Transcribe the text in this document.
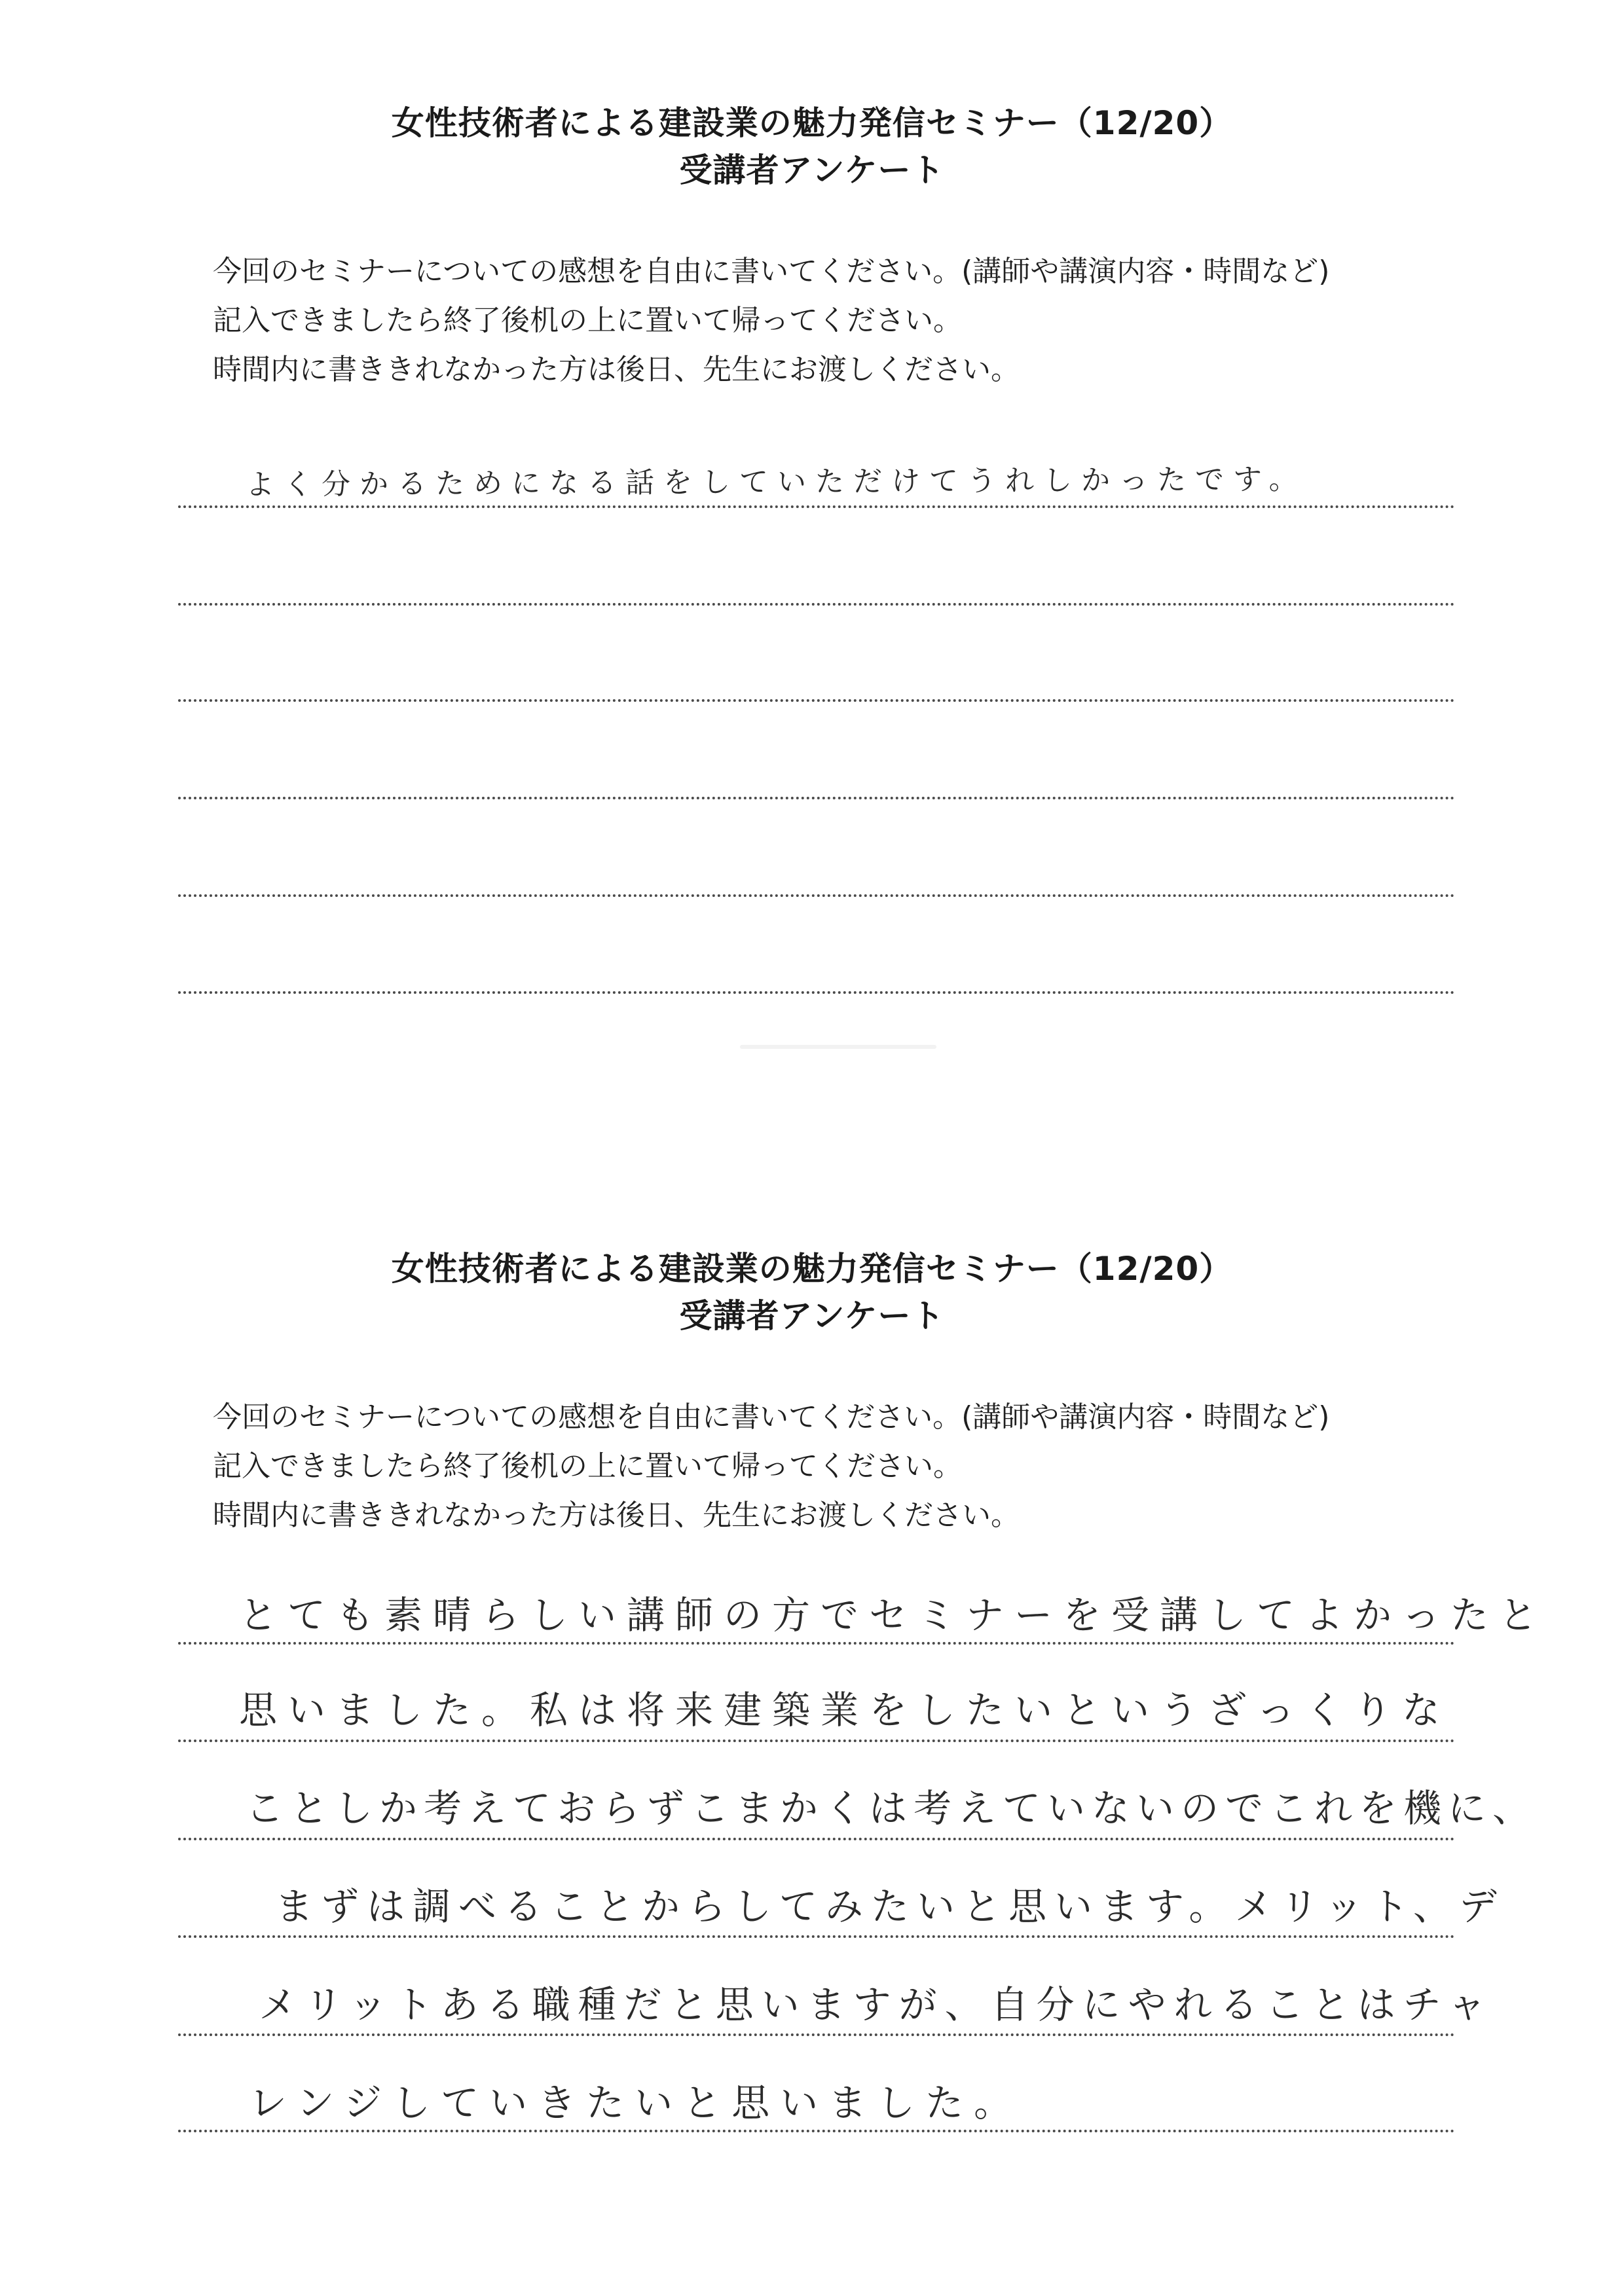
女性技術者による建設業の魅力発信セミナー（12/20）
受講者アンケート
今回のセミナーについての感想を自由に書いてください。(講師や講演内容・時間など)
記入できましたら終了後机の上に置いて帰ってください。
時間内に書ききれなかった方は後日、先生にお渡しください。
よく分かるためになる話をしていただけてうれしかったです。
女性技術者による建設業の魅力発信セミナー（12/20）
受講者アンケート
今回のセミナーについての感想を自由に書いてください。(講師や講演内容・時間など)
記入できましたら終了後机の上に置いて帰ってください。
時間内に書ききれなかった方は後日、先生にお渡しください。
とても素晴らしい講師の方でセミナーを受講してよかったと
思いました。私は将来建築業をしたいというざっくりな
ことしか考えておらずこまかくは考えていないのでこれを機に、
まずは調べることからしてみたいと思います。メリット、デ
メリットある職種だと思いますが、自分にやれることはチャ
レンジしていきたいと思いました。
